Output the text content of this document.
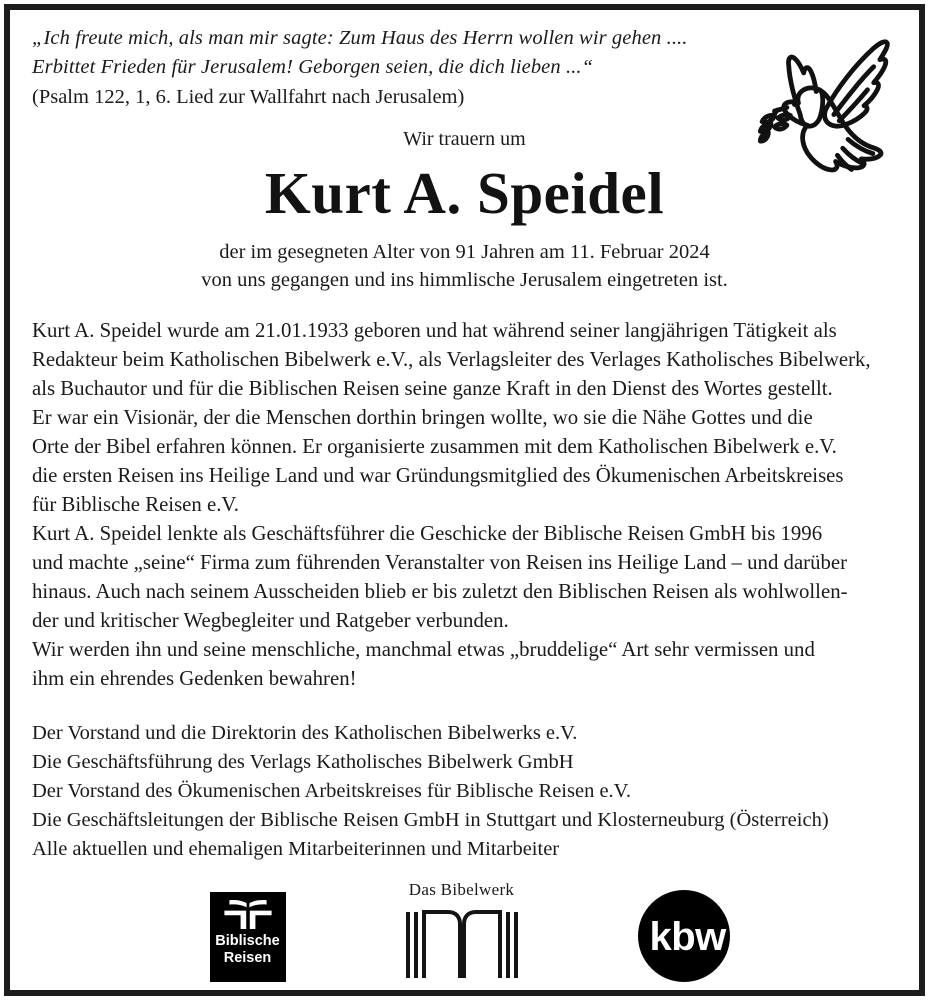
„Ich freute mich, als man mir sagte: Zum Haus des Herrn wollen wir gehen ....
Erbittet Frieden für Jerusalem! Geborgen seien, die dich lieben ...“
(Psalm 122, 1, 6. Lied zur Wallfahrt nach Jerusalem)
Wir trauern um
Kurt A. Speidel
der im gesegneten Alter von 91 Jahren am 11. Februar 2024
von uns gegangen und ins himmlische Jerusalem eingetreten ist.

Kurt A. Speidel wurde am 21.01.1933 geboren und hat während seiner langjährigen Tätigkeit als
Redakteur beim Katholischen Bibelwerk e.V., als Verlagsleiter des Verlages Katholisches Bibelwerk,
als Buchautor und für die Biblischen Reisen seine ganze Kraft in den Dienst des Wortes gestellt.
Er war ein Visionär, der die Menschen dorthin bringen wollte, wo sie die Nähe Gottes und die
Orte der Bibel erfahren können. Er organisierte zusammen mit dem Katholischen Bibelwerk e.V.
die ersten Reisen ins Heilige Land und war Gründungsmitglied des Ökumenischen Arbeitskreises
für Biblische Reisen e.V.

Kurt A. Speidel lenkte als Geschäftsführer die Geschicke der Biblische Reisen GmbH bis 1996
und machte „seine“ Firma zum führenden Veranstalter von Reisen ins Heilige Land – und darüber
hinaus. Auch nach seinem Ausscheiden blieb er bis zuletzt den Biblischen Reisen als wohlwollen-
der und kritischer Wegbegleiter und Ratgeber verbunden.

Wir werden ihn und seine menschliche, manchmal etwas „bruddelige“ Art sehr vermissen und
ihm ein ehrendes Gedenken bewahren!

Der Vorstand und die Direktorin des Katholischen Bibelwerks e.V.
Die Geschäftsführung des Verlags Katholisches Bibelwerk GmbH
Der Vorstand des Ökumenischen Arbeitskreises für Biblische Reisen e.V.
Die Geschäftsleitungen der Biblische Reisen GmbH in Stuttgart und Klosterneuburg (Österreich)
Alle aktuellen und ehemaligen Mitarbeiterinnen und Mitarbeiter
Biblische
Reisen
Das Bibelwerk
kbw
